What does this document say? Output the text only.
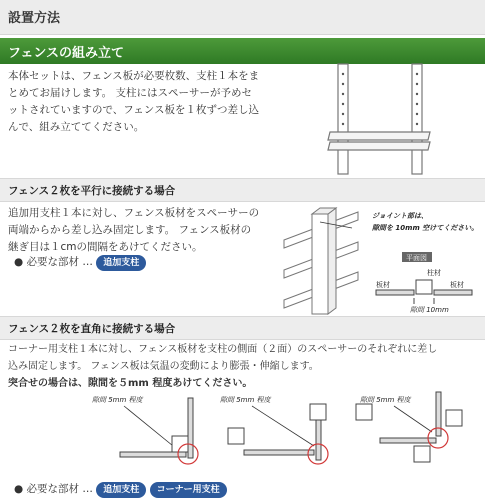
設置方法
フェンスの組み立て
本体セットは、フェンス板が必要枚数、支柱１本をま
とめてお届けします。 支柱にはスペーサーが予めセ
ットされていますので、フェンス板を１枚ずつ差し込
んで、組み立ててください。
フェンス２枚を平行に接続する場合
追加用支柱１本に対し、フェンス板材をスペーサーの
両端からから差し込み固定します。 フェンス板材の
継ぎ目は１cmの間隔をあけてください。
● 必要な部材 … 追加支柱
ジョイント部は、
隙間を 10mm 空けてください。
平面図
柱材
板材	板材
隙間 10mm
フェンス２枚を直角に接続する場合
コーナー用支柱１本に対し、フェンス板材を支柱の側面（２面）のスペーサーのそれぞれに差し
込み固定します。 フェンス板は気温の変動により膨張・伸縮します。
突合せの場合は、隙間を５mm 程度あけてください。
隙間 5mm 程度	隙間 5mm 程度	隙間 5mm 程度
● 必要な部材 … 追加支柱 コーナー用支柱
